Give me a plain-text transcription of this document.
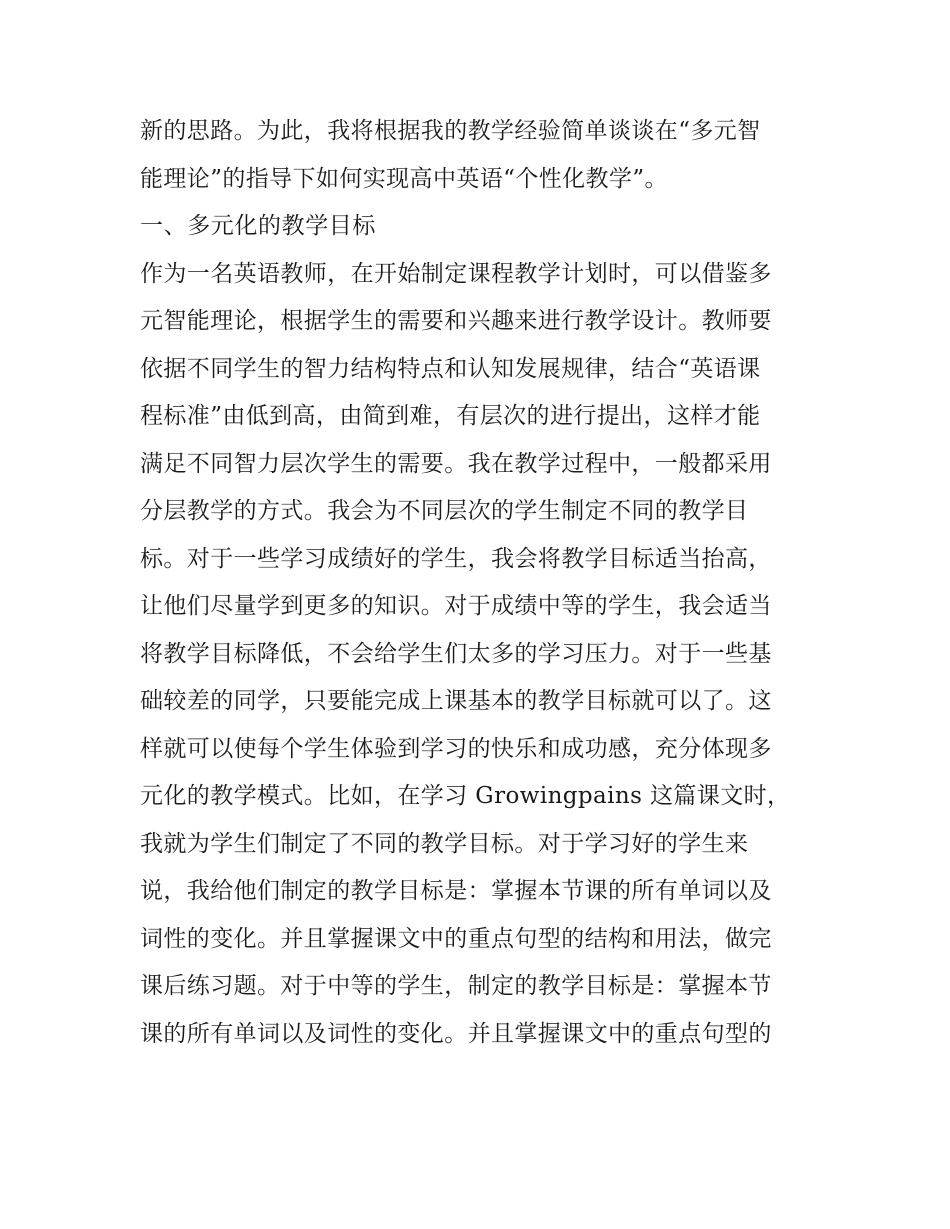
新的思路。为此，我将根据我的教学经验简单谈谈在“多元智
能理论”的指导下如何实现高中英语“个性化教学”。
一、多元化的教学目标
作为一名英语教师，在开始制定课程教学计划时，可以借鉴多
元智能理论，根据学生的需要和兴趣来进行教学设计。教师要
依据不同学生的智力结构特点和认知发展规律，结合“英语课
程标准”由低到高，由简到难，有层次的进行提出，这样才能
满足不同智力层次学生的需要。我在教学过程中，一般都采用
分层教学的方式。我会为不同层次的学生制定不同的教学目
标。对于一些学习成绩好的学生，我会将教学目标适当抬高，
让他们尽量学到更多的知识。对于成绩中等的学生，我会适当
将教学目标降低，不会给学生们太多的学习压力。对于一些基
础较差的同学，只要能完成上课基本的教学目标就可以了。这
样就可以使每个学生体验到学习的快乐和成功感，充分体现多
元化的教学模式。比如，在学习 Growingpains 这篇课文时，
我就为学生们制定了不同的教学目标。对于学习好的学生来
说，我给他们制定的教学目标是：掌握本节课的所有单词以及
词性的变化。并且掌握课文中的重点句型的结构和用法，做完
课后练习题。对于中等的学生，制定的教学目标是：掌握本节
课的所有单词以及词性的变化。并且掌握课文中的重点句型的
